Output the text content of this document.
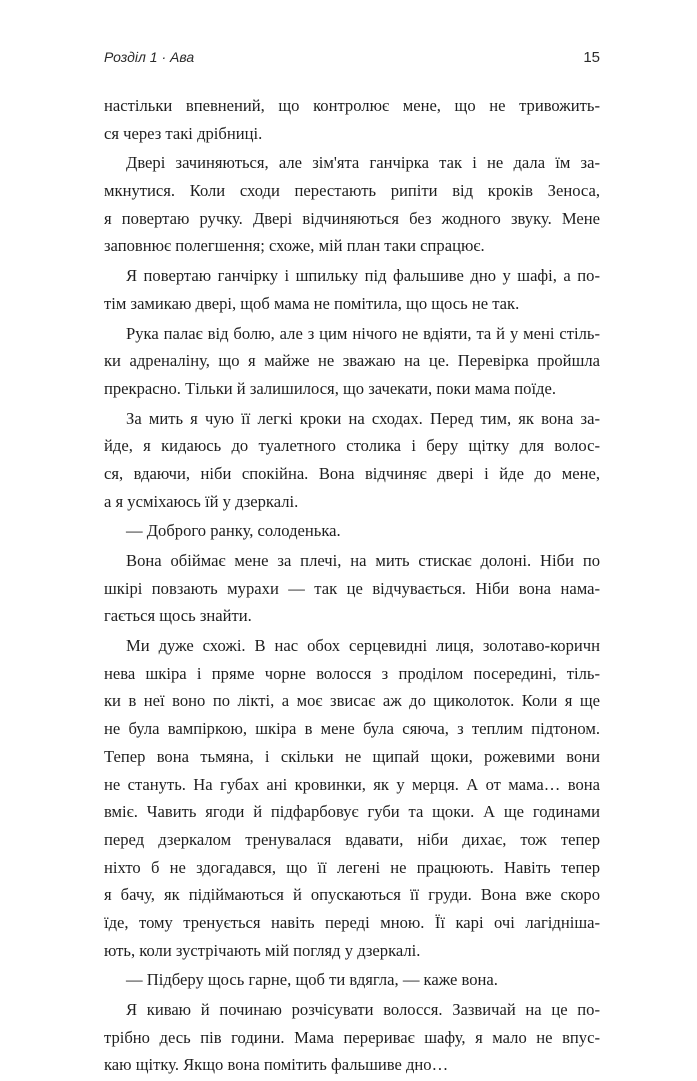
Розділ 1 · Ава	15
настільки впевнений, що контролює мене, що не тривожить-
ся через такі дрібниці.
Двері зачиняються, але зім'ята ганчірка так і не дала їм за-
мкнутися. Коли сходи перестають рипіти від кроків Зеноса,
я повертаю ручку. Двері відчиняються без жодного звуку. Мене
заповнює полегшення; схоже, мій план таки спрацює.
Я повертаю ганчірку і шпильку під фальшиве дно у шафі, а по-
тім замикаю двері, щоб мама не помітила, що щось не так.
Рука палає від болю, але з цим нічого не вдіяти, та й у мені стіль-
ки адреналіну, що я майже не зважаю на це. Перевірка пройшла
прекрасно. Тільки й залишилося, що зачекати, поки мама поїде.
За мить я чую її легкі кроки на сходах. Перед тим, як вона за-
йде, я кидаюсь до туалетного столика і беру щітку для волос-
ся, вдаючи, ніби спокійна. Вона відчиняє двері і йде до мене,
а я усміхаюсь їй у дзеркалі.
— Доброго ранку, солоденька.
Вона обіймає мене за плечі, на мить стискає долоні. Ніби по
шкірі повзають мурахи — так це відчувається. Ніби вона нама-
гається щось знайти.
Ми дуже схожі. В нас обох серцевидні лиця, золотаво-коричн
нева шкіра і пряме чорне волосся з проділом посередині, тіль-
ки в неї воно по лікті, а моє звисає аж до щиколоток. Коли я ще
не була вампіркою, шкіра в мене була сяюча, з теплим підтоном.
Тепер вона тьмяна, і скільки не щипай щоки, рожевими вони
не стануть. На губах ані кровинки, як у мерця. А от мама… вона
вміє. Чавить ягоди й підфарбовує губи та щоки. А ще годинами
перед дзеркалом тренувалася вдавати, ніби дихає, тож тепер
ніхто б не здогадався, що її легені не працюють. Навіть тепер
я бачу, як підіймаються й опускаються її груди. Вона вже скоро
їде, тому тренується навіть переді мною. Її карі очі лагіднішa-
ють, коли зустрічають мій погляд у дзеркалі.
— Підберу щось гарне, щоб ти вдягла, — каже вона.
Я киваю й починаю розчісувати волосся. Зазвичай на це по-
трібно десь пів години. Мама перериває шафу, я мало не впус-
каю щітку. Якщо вона помітить фальшиве дно…
